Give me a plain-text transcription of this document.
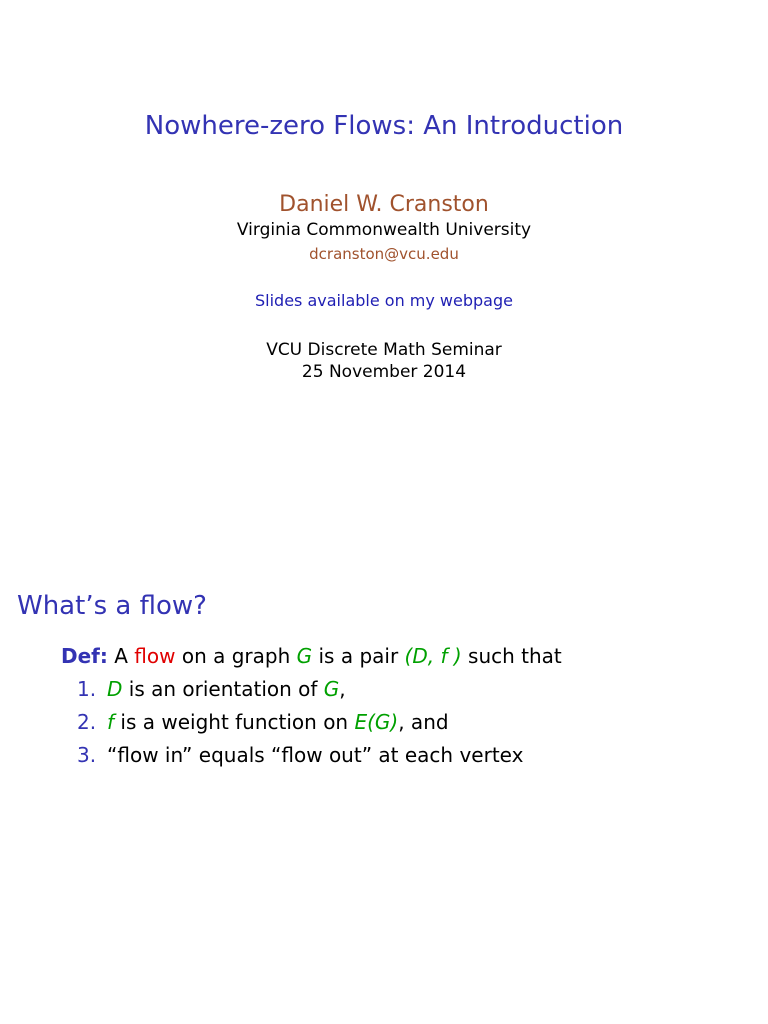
Nowhere-zero Flows: An Introduction
Daniel W. Cranston
Virginia Commonwealth University
dcranston@vcu.edu
Slides available on my webpage
VCU Discrete Math Seminar
25 November 2014
What’s a flow?
Def: A flow on a graph G is a pair (D, f ) such that
1. D is an orientation of G,
2. f is a weight function on E(G), and
3. “flow in” equals “flow out” at each vertex
